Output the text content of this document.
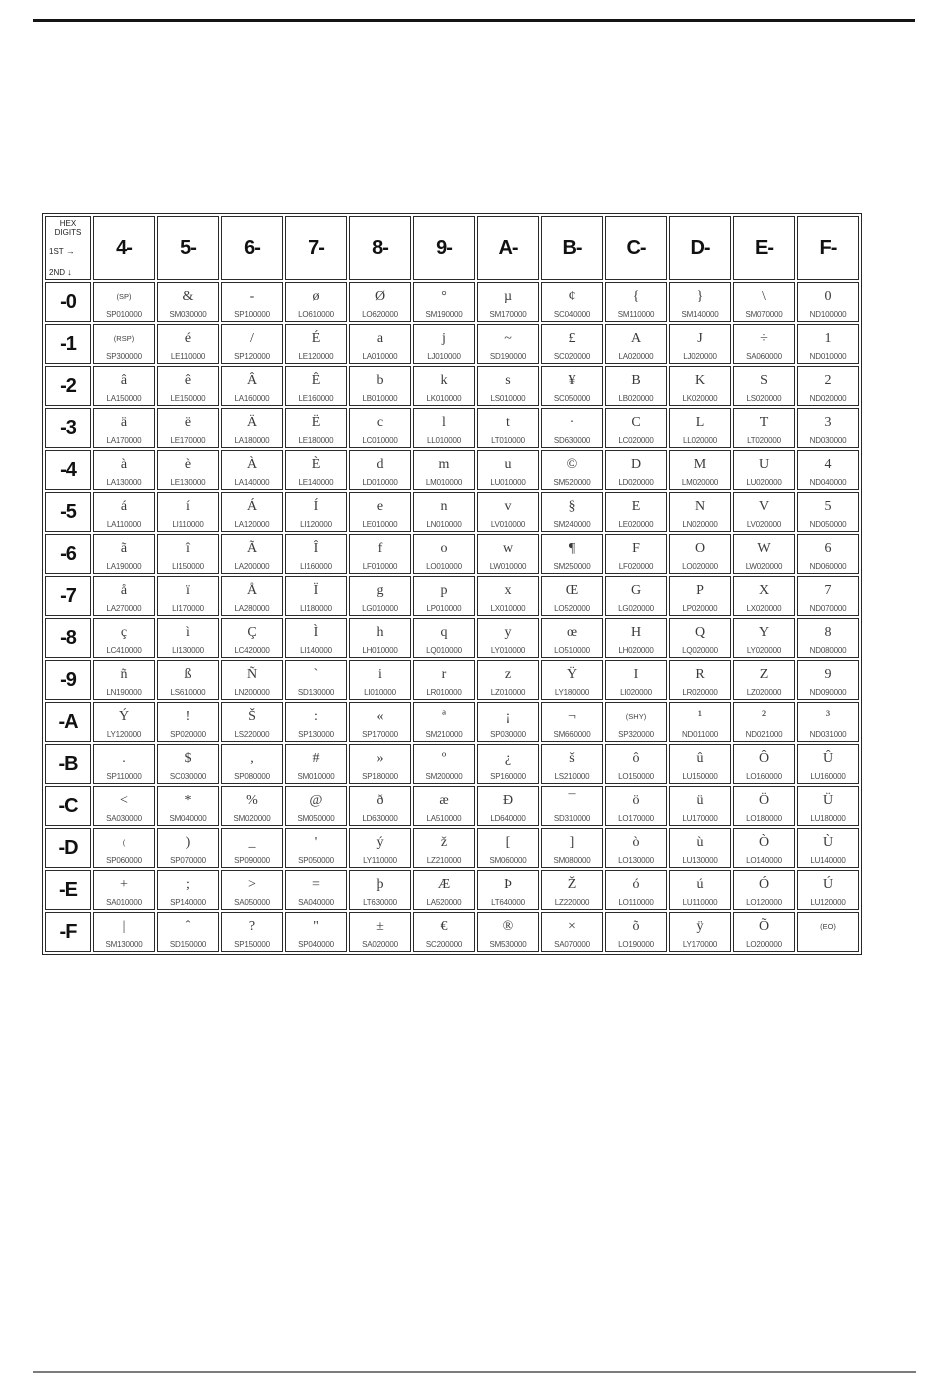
HEX
DIGITS
1ST →
2ND ↓	4-	5-	6-	7-	8-	9-	A-	B-	C-	D-	E-	F-
-0	(SP)
SP010000

&
SM030000

-
SP100000

ø
LO610000

Ø
LO620000

°
SM190000

µ
SM170000

¢
SC040000

{
SM110000

}
SM140000

\
SM070000

0
ND100000

-1	(RSP)
SP300000

é
LE110000

/
SP120000

É
LE120000

a
LA010000

j
LJ010000

~
SD190000

£
SC020000

A
LA020000

J
LJ020000

÷
SA060000

1
ND010000

-2	â
LA150000

ê
LE150000

Â
LA160000

Ê
LE160000

b
LB010000

k
LK010000

s
LS010000

¥
SC050000

B
LB020000

K
LK020000

S
LS020000

2
ND020000

-3	ä
LA170000

ë
LE170000

Ä
LA180000

Ë
LE180000

c
LC010000

l
LL010000

t
LT010000

·
SD630000

C
LC020000

L
LL020000

T
LT020000

3
ND030000

-4	à
LA130000

è
LE130000

À
LA140000

È
LE140000

d
LD010000

m
LM010000

u
LU010000

©
SM520000

D
LD020000

M
LM020000

U
LU020000

4
ND040000

-5	á
LA110000

í
LI110000

Á
LA120000

Í
LI120000

e
LE010000

n
LN010000

v
LV010000

§
SM240000

E
LE020000

N
LN020000

V
LV020000

5
ND050000

-6	ã
LA190000

î
LI150000

Ã
LA200000

Î
LI160000

f
LF010000

o
LO010000

w
LW010000

¶
SM250000

F
LF020000

O
LO020000

W
LW020000

6
ND060000

-7	å
LA270000

ï
LI170000

Å
LA280000

Ï
LI180000

g
LG010000

p
LP010000

x
LX010000

Œ
LO520000

G
LG020000

P
LP020000

X
LX020000

7
ND070000

-8	ç
LC410000

ì
LI130000

Ç
LC420000

Ì
LI140000

h
LH010000

q
LQ010000

y
LY010000

œ
LO510000

H
LH020000

Q
LQ020000

Y
LY020000

8
ND080000

-9	ñ
LN190000

ß
LS610000

Ñ
LN200000

`
SD130000

i
LI010000

r
LR010000

z
LZ010000

Ÿ
LY180000

I
LI020000

R
LR020000

Z
LZ020000

9
ND090000

-A	Ý
LY120000

!
SP020000

Š
LS220000

:
SP130000

«
SP170000

ª
SM210000

¡
SP030000

¬
SM660000

(SHY)
SP320000

¹
ND011000

²
ND021000

³
ND031000

-B	.
SP110000

$
SC030000

,
SP080000

#
SM010000

»
SP180000

º
SM200000

¿
SP160000

š
LS210000

ô
LO150000

û
LU150000

Ô
LO160000

Û
LU160000

-C	<
SA030000

*
SM040000

%
SM020000

@
SM050000

ð
LD630000

æ
LA510000

Ð
LD640000

¯
SD310000

ö
LO170000

ü
LU170000

Ö
LO180000

Ü
LU180000

-D	(
SP060000

)
SP070000

_
SP090000

'
SP050000

ý
LY110000

ž
LZ210000

[
SM060000

]
SM080000

ò
LO130000

ù
LU130000

Ò
LO140000

Ù
LU140000

-E	+
SA010000

;
SP140000

>
SA050000

=
SA040000

þ
LT630000

Æ
LA520000

Þ
LT640000

Ž
LZ220000

ó
LO110000

ú
LU110000

Ó
LO120000

Ú
LU120000

-F	|
SM130000

ˆ
SD150000

?
SP150000

"
SP040000

±
SA020000

€
SC200000

®
SM530000

×
SA070000

õ
LO190000

ÿ
LY170000

Õ
LO200000

(EO)
